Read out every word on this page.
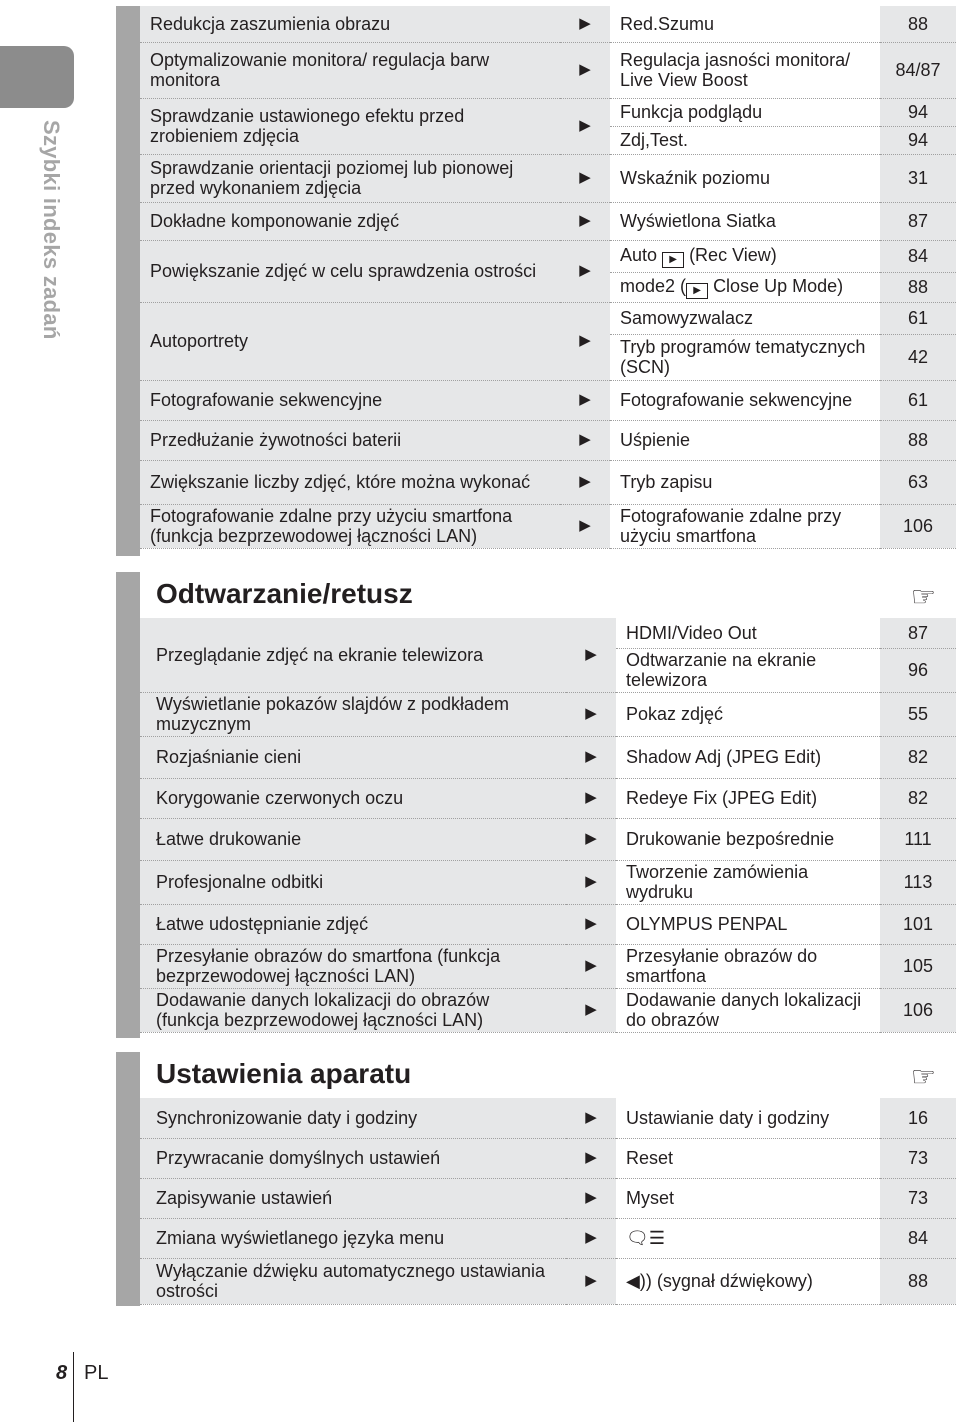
Szybki indeks zadań
Redukcja zaszumienia obrazu	▶	Red.Szumu	88
Optymalizowanie monitora/ regulacja barw monitora	▶	Regulacja jasności monitora/ Live View Boost	84/87
Sprawdzanie ustawionego efektu przed zrobieniem zdjęcia	▶	Funkcja podglądu	94
		Zdj,Test.	94
Sprawdzanie orientacji poziomej lub pionowej przed wykonaniem zdjęcia	▶	Wskaźnik poziomu	31
Dokładne komponowanie zdjęć	▶	Wyświetlona Siatka	87
Powiększanie zdjęć w celu sprawdzenia ostrości	▶	Auto ▶ (Rec View)	84
		mode2 ( ▶ Close Up Mode)	88
Autoportrety	▶	Samowyzwalacz	61
		Tryb programów tematycznych (SCN)	42
Fotografowanie sekwencyjne	▶	Fotografowanie sekwencyjne	61
Przedłużanie żywotności baterii	▶	Uśpienie	88
Zwiększanie liczby zdjęć, które można wykonać	▶	Tryb zapisu	63
Fotografowanie zdalne przy użyciu smartfona (funkcja bezprzewodowej łączności LAN)	▶	Fotografowanie zdalne przy użyciu smartfona	106
Odtwarzanie/retusz	☞
Przeglądanie zdjęć na ekranie telewizora	▶	HDMI/Video Out	87
		Odtwarzanie na ekranie telewizora	96
Wyświetlanie pokazów slajdów z podkładem muzycznym	▶	Pokaz zdjęć	55
Rozjaśnianie cieni	▶	Shadow Adj (JPEG Edit)	82
Korygowanie czerwonych oczu	▶	Redeye Fix (JPEG Edit)	82
Łatwe drukowanie	▶	Drukowanie bezpośrednie	111
Profesjonalne odbitki	▶	Tworzenie zamówienia wydruku	113
Łatwe udostępnianie zdjęć	▶	OLYMPUS PENPAL	101
Przesyłanie obrazów do smartfona (funkcja bezprzewodowej łączności LAN)	▶	Przesyłanie obrazów do smartfona	105
Dodawanie danych lokalizacji do obrazów (funkcja bezprzewodowej łączności LAN)	▶	Dodawanie danych lokalizacji do obrazów	106
Ustawienia aparatu	☞
Synchronizowanie daty i godziny	▶	Ustawianie daty i godziny	16
Przywracanie domyślnych ustawień	▶	Reset	73
Zapisywanie ustawień	▶	Myset	73
Zmiana wyświetlanego języka menu	▶	🗨☰	84
Wyłączanie dźwięku automatycznego ustawiania ostrości	▶	◀)) (sygnał dźwiękowy)	88
8 PL
